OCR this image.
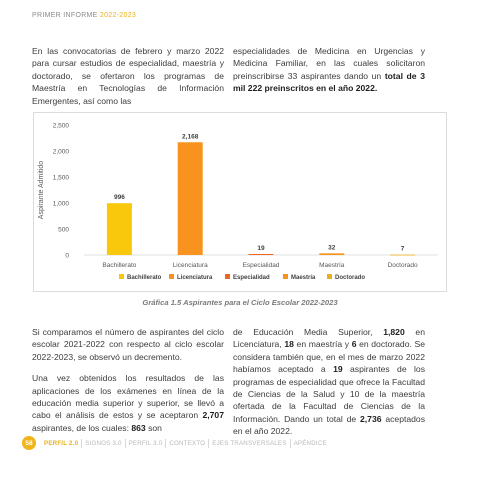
PRIMER INFORME 2022-2023

En las convocatorias de febrero y marzo 2022 para cursar estudios de especialidad, maestría y doctorado, se ofertaron los programas de Maestría en Tecnologías de Información Emergentes, así como las

especialidades de Medicina en Urgencias y Medicina Familiar, en las cuales solicitaron preinscribirse 33 aspirantes dando un total de 3 mil 222 preinscritos en el año 2022.

Aspirante Admitido
0
500
1,000
1,500
2,000
2,500
996
Bachillerato
2,168
Licenciatura
19
Especialidad
32
Maestría
7
Doctorado
Bachillerato	Licenciatura	Especialidad	Maestría	Doctorado
Gráfica 1.5 Aspirantes para el Ciclo Escolar 2022-2023

Si comparamos el número de aspirantes del ciclo escolar 2021-2022 con respecto al ciclo escolar 2022-2023, se observó un decremento.

Una vez obtenidos los resultados de las aplicaciones de los exámenes en línea de la educación media superior y superior, se llevó a cabo el análisis de estos y se aceptaron 2,707 aspirantes, de los cuales: 863 son

de Educación Media Superior, 1,820 en Licenciatura, 18 en maestría y 6 en doctorado. Se considera también que, en el mes de marzo 2022 habíamos aceptado a 19 aspirantes de los programas de especialidad que ofrece la Facultad de Ciencias de la Salud y 10 de la maestría ofertada de la Facultad de Ciencias de la Información. Dando un total de 2,736 aceptados en el año 2022.

58	PERFIL 2.0	SIGNOS 3.0	PERFIL 3.0	CONTEXTO	EJES TRANSVERSALES	APÉNDICE
